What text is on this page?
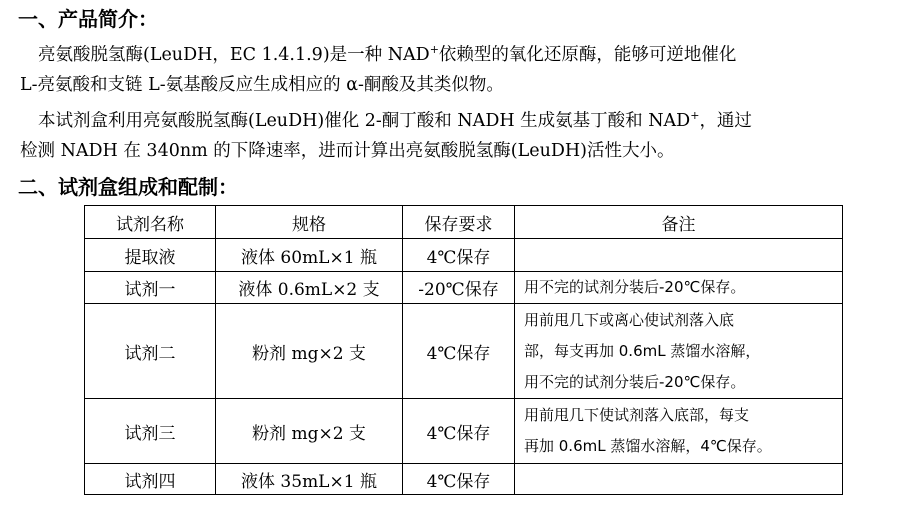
一、产品简介：
亮氨酸脱氢酶(LeuDH，EC 1.4.1.9)是一种 NAD+依赖型的氧化还原酶，能够可逆地催化
L-亮氨酸和支链 L-氨基酸反应生成相应的 α-酮酸及其类似物。
本试剂盒利用亮氨酸脱氢酶(LeuDH)催化 2-酮丁酸和 NADH 生成氨基丁酸和 NAD+，通过
检测 NADH 在 340nm 的下降速率，进而计算出亮氨酸脱氢酶(LeuDH)活性大小。
二、试剂盒组成和配制：
试剂名称	规格	保存要求	备注
提取液	液体 60mL×1 瓶	4℃保存	
试剂一	液体 0.6mL×2 支	-20℃保存	用不完的试剂分装后-20℃保存。

试剂二	粉剂 mg×2 支	4℃保存	用前甩几下或离心使试剂落入底
部，每支再加 0.6mL 蒸馏水溶解，
用不完的试剂分装后-20℃保存。

试剂三	粉剂 mg×2 支	4℃保存	用前甩几下使试剂落入底部，每支
再加 0.6mL 蒸馏水溶解，4℃保存。

试剂四	液体 35mL×1 瓶	4℃保存	
